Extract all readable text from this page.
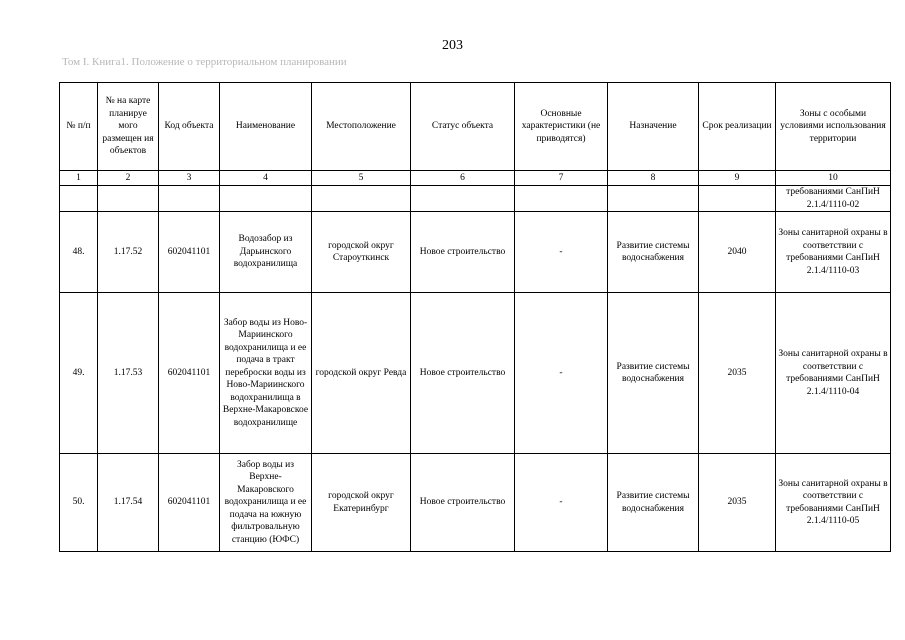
203
Том I. Книга1. Положение о территориальном планировании
№ п/п	№ на карте планируе мого размещен ия объектов	Код объекта	Наименование	Местоположение	Статус объекта	Основные характеристики (не приводятся)	Назначение	Срок реализации	Зоны с особыми условиями использования территории
1	2	3	4	5	6	7	8	9	10
									требованиями СанПиН 2.1.4/1110-02
48.	1.17.52	602041101	Водозабор из Дарьинского водохранилища	городской округ Староуткинск	Новое строительство	-	Развитие системы водоснабжения	2040	Зоны санитарной охраны в соответствии с требованиями СанПиН 2.1.4/1110-03
49.	1.17.53	602041101	Забор воды из Ново-Мариинского водохранилища и ее подача в тракт переброски воды из Ново-Мариинского водохранилища в Верхне-Макаровское водохранилище	городской округ Ревда	Новое строительство	-	Развитие системы водоснабжения	2035	Зоны санитарной охраны в соответствии с требованиями СанПиН 2.1.4/1110-04
50.	1.17.54	602041101	Забор воды из Верхне-Макаровского водохранилища и ее подача на южную фильтровальную станцию (ЮФС)	городской округ Екатеринбург	Новое строительство	-	Развитие системы водоснабжения	2035	Зоны санитарной охраны в соответствии с требованиями СанПиН 2.1.4/1110-05
